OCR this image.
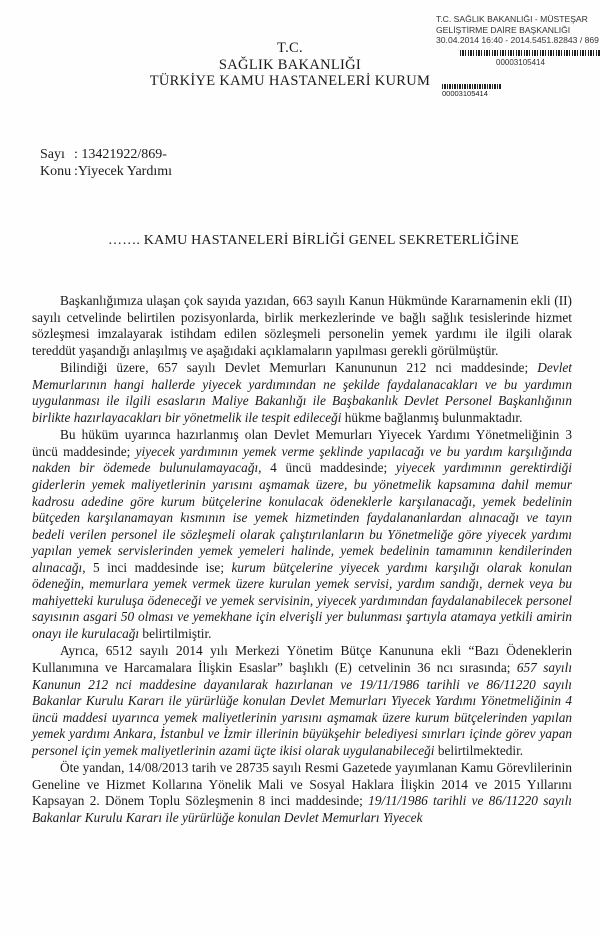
T.C. SAĞLIK BAKANLIĞI - MÜSTEŞAR
GELİŞTİRME DAİRE BAŞKANLIĞI
30.04.2014 16:40 - 2014.5451.82843 / 869
00003105414
00003105414
T.C.
SAĞLIK BAKANLIĞI
TÜRKİYE KAMU HASTANELERİ KURUM
Sayı : 13421922/869-
Konu :Yiyecek Yardımı
……. KAMU HASTANELERİ BİRLİĞİ GENEL SEKRETERLİĞİNE

Başkanlığımıza ulaşan çok sayıda yazıdan, 663 sayılı Kanun Hükmünde Kararnamenin ekli (II) sayılı cetvelinde belirtilen pozisyonlarda, birlik merkezlerinde ve bağlı sağlık tesislerinde hizmet sözleşmesi imzalayarak istihdam edilen sözleşmeli personelin yemek yardımı ile ilgili olarak tereddüt yaşandığı anlaşılmış ve aşağıdaki açıklamaların yapılması gerekli görülmüştür.

Bilindiği üzere, 657 sayılı Devlet Memurları Kanununun 212 nci maddesinde; Devlet Memurlarının hangi hallerde yiyecek yardımından ne şekilde faydalanacakları ve bu yardımın uygulanması ile ilgili esasların Maliye Bakanlığı ile Başbakanlık Devlet Personel Başkanlığının birlikte hazırlayacakları bir yönetmelik ile tespit edileceği hükme bağlanmış bulunmaktadır.

Bu hüküm uyarınca hazırlanmış olan Devlet Memurları Yiyecek Yardımı Yönetmeliğinin 3 üncü maddesinde; yiyecek yardımının yemek verme şeklinde yapılacağı ve bu yardım karşılığında nakden bir ödemede bulunulamayacağı, 4 üncü maddesinde; yiyecek yardımının gerektirdiği giderlerin yemek maliyetlerinin yarısını aşmamak üzere, bu yönetmelik kapsamına dahil memur kadrosu adedine göre kurum bütçelerine konulacak ödeneklerle karşılanacağı, yemek bedelinin bütçeden karşılanamayan kısmının ise yemek hizmetinden faydalananlardan alınacağı ve tayın bedeli verilen personel ile sözleşmeli olarak çalıştırılanların bu Yönetmeliğe göre yiyecek yardımı yapılan yemek servislerinden yemek yemeleri halinde, yemek bedelinin tamamının kendilerinden alınacağı, 5 inci maddesinde ise; kurum bütçelerine yiyecek yardımı karşılığı olarak konulan ödeneğin, memurlara yemek vermek üzere kurulan yemek servisi, yardım sandığı, dernek veya bu mahiyetteki kuruluşa ödeneceği ve yemek servisinin, yiyecek yardımından faydalanabilecek personel sayısının asgari 50 olması ve yemekhane için elverişli yer bulunması şartıyla atamaya yetkili amirin onayı ile kurulacağı belirtilmiştir.

Ayrıca, 6512 sayılı 2014 yılı Merkezi Yönetim Bütçe Kanununa ekli “Bazı Ödeneklerin Kullanımına ve Harcamalara İlişkin Esaslar” başlıklı (E) cetvelinin 36 ncı sırasında; 657 sayılı Kanunun 212 nci maddesine dayanılarak hazırlanan ve 19/11/1986 tarihli ve 86/11220 sayılı Bakanlar Kurulu Kararı ile yürürlüğe konulan Devlet Memurları Yiyecek Yardımı Yönetmeliğinin 4 üncü maddesi uyarınca yemek maliyetlerinin yarısını aşmamak üzere kurum bütçelerinden yapılan yemek yardımı Ankara, İstanbul ve İzmir illerinin büyükşehir belediyesi sınırları içinde görev yapan personel için yemek maliyetlerinin azami üçte ikisi olarak uygulanabileceği belirtilmektedir.

Öte yandan, 14/08/2013 tarih ve 28735 sayılı Resmi Gazetede yayımlanan Kamu Görevlilerinin Geneline ve Hizmet Kollarına Yönelik Mali ve Sosyal Haklara İlişkin 2014 ve 2015 Yıllarını Kapsayan 2. Dönem Toplu Sözleşmenin 8 inci maddesinde; 19/11/1986 tarihli ve 86/11220 sayılı Bakanlar Kurulu Kararı ile yürürlüğe konulan Devlet Memurları Yiyecek
